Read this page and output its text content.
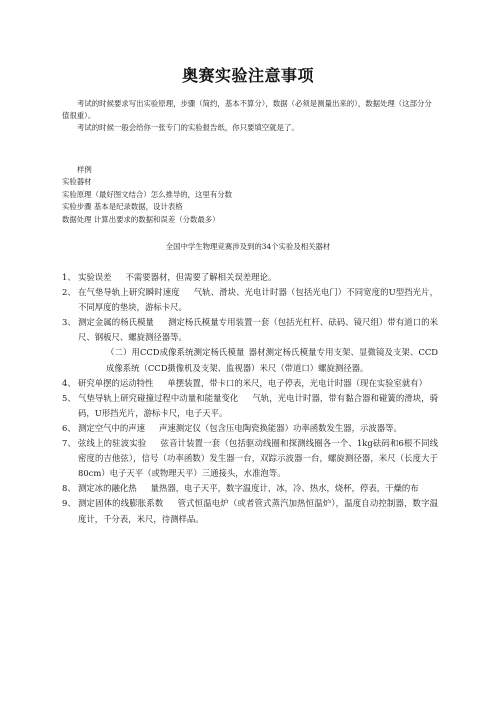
奥赛实验注意事项

考试的时候要求写出实验原理，步骤（简约，基本不算分），数据（必须是测量出来的），数据处理（这部分分值很重）。

考试的时候一般会给你一张专门的实验报告纸，你只要填空就是了。

样例
实验器材
实验原理（最好图文结合）怎么推导的，这里有分数
实验步骤 基本是纪录数据，设计表格
数据处理 计算出要求的数据和误差（分数最多）
全国中学生物理竞赛涉及到的34个实验及相关器材
1、 实验误差 不需要器材，但需要了解相关误差理论。
2、 在气垫导轨上研究瞬时速度 气轨、滑块、光电计时器（包括光电门）不同宽度的U型挡光片，不同厚度的垫块，游标卡尺。
3、 测定金属的杨氏模量 测定杨氏模量专用装置一套（包括光杠杆、砝码、镜尺组）带有道口的米尺、钢板尺、螺旋测径器等。
（二）用CCD成像系统测定杨氏模量 器材测定杨氏模量专用支架、显微镜及支架、CCD成像系统（CCD摄像机及支架、监视器）米尺（带道口）螺旋测径器。
4、 研究单摆的运动特性 单摆装置，带卡口的米尺，电子停表，光电计时器（现在实验室就有）
5、 气垫导轨上研究碰撞过程中动量和能量变化 气轨，光电计时器，带有黏合器和碰簧的滑块，骑码，U形挡光片，游标卡尺，电子天平。
6、 测定空气中的声速 声速测定仪（包含压电陶瓷换能器）功率函数发生器，示波器等。
7、 弦线上的驻波实验 弦音计装置一套（包括驱动线圈和探测线圈各一个、1kg砝码和6根不同线密度的吉他弦），信号（功率函数）发生器一台，双踪示波器一台，螺旋测径器，米尺（长度大于80cm）电子天平（或物理天平）三通接头，水准泡等。
8、 测定冰的融化热 量热器，电子天平，数字温度计，冰，冷、热水，烧杯，停表，干燥的布
9、 测定固体的线膨胀系数 管式恒温电炉（或者管式蒸汽加热恒温炉），温度自动控制器，数字温度计，千分表，米尺，待测样品。
